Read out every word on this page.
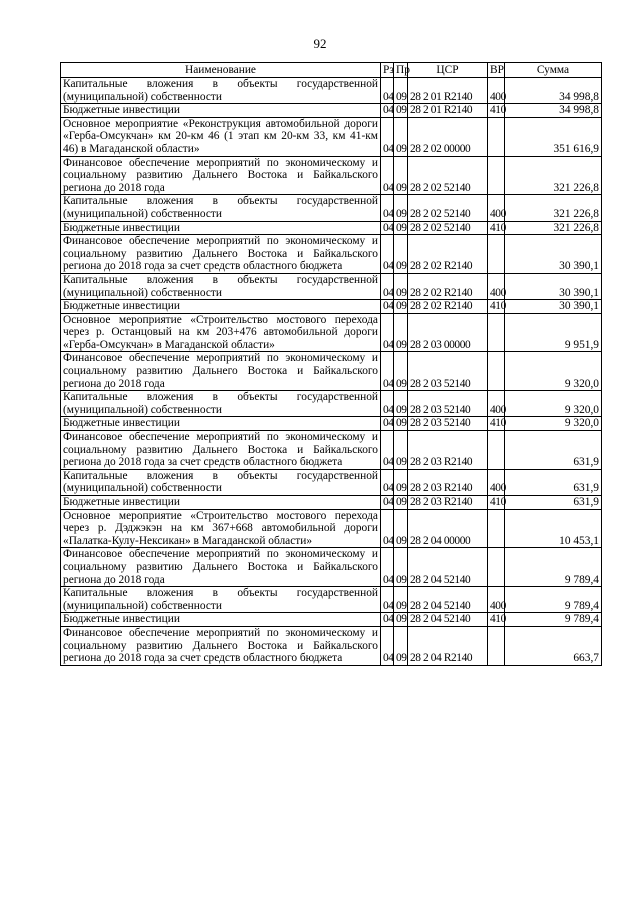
92
Наименование	Рз	Пр	ЦСР	ВР	Сумма
Капитальные вложения в объекты государственной (муниципальной) собственности	04	09	28 2 01 R2140	400	34 998,8
Бюджетные инвестиции	04	09	28 2 01 R2140	410	34 998,8
Основное мероприятие «Реконструкция автомобильной дороги «Герба-Омсукчан» км 20-км 46 (1 этап км 20-км 33, км 41-км 46) в Магаданской области»	04	09	28 2 02 00000		351 616,9
Финансовое обеспечение мероприятий по экономическому и социальному развитию Дальнего Востока и Байкальского региона до 2018 года	04	09	28 2 02 52140		321 226,8
Капитальные вложения в объекты государственной (муниципальной) собственности	04	09	28 2 02 52140	400	321 226,8
Бюджетные инвестиции	04	09	28 2 02 52140	410	321 226,8
Финансовое обеспечение мероприятий по экономическому и социальному развитию Дальнего Востока и Байкальского региона до 2018 года за счет средств областного бюджета	04	09	28 2 02 R2140		30 390,1
Капитальные вложения в объекты государственной (муниципальной) собственности	04	09	28 2 02 R2140	400	30 390,1
Бюджетные инвестиции	04	09	28 2 02 R2140	410	30 390,1
Основное мероприятие «Строительство мостового перехода через р. Останцовый на км 203+476 автомобильной дороги «Герба-Омсукчан» в Магаданской области»	04	09	28 2 03 00000		9 951,9
Финансовое обеспечение мероприятий по экономическому и социальному развитию Дальнего Востока и Байкальского региона до 2018 года	04	09	28 2 03 52140		9 320,0
Капитальные вложения в объекты государственной (муниципальной) собственности	04	09	28 2 03 52140	400	9 320,0
Бюджетные инвестиции	04	09	28 2 03 52140	410	9 320,0
Финансовое обеспечение мероприятий по экономическому и социальному развитию Дальнего Востока и Байкальского региона до 2018 года за счет средств областного бюджета	04	09	28 2 03 R2140		631,9
Капитальные вложения в объекты государственной (муниципальной) собственности	04	09	28 2 03 R2140	400	631,9
Бюджетные инвестиции	04	09	28 2 03 R2140	410	631,9
Основное мероприятие «Строительство мостового перехода через р. Дэджэкэн на км 367+668 автомобильной дороги «Палатка-Кулу-Нексикан» в Магаданской области»	04	09	28 2 04 00000		10 453,1
Финансовое обеспечение мероприятий по экономическому и социальному развитию Дальнего Востока и Байкальского региона до 2018 года	04	09	28 2 04 52140		9 789,4
Капитальные вложения в объекты государственной (муниципальной) собственности	04	09	28 2 04 52140	400	9 789,4
Бюджетные инвестиции	04	09	28 2 04 52140	410	9 789,4
Финансовое обеспечение мероприятий по экономическому и социальному развитию Дальнего Востока и Байкальского региона до 2018 года за счет средств областного бюджета	04	09	28 2 04 R2140		663,7
